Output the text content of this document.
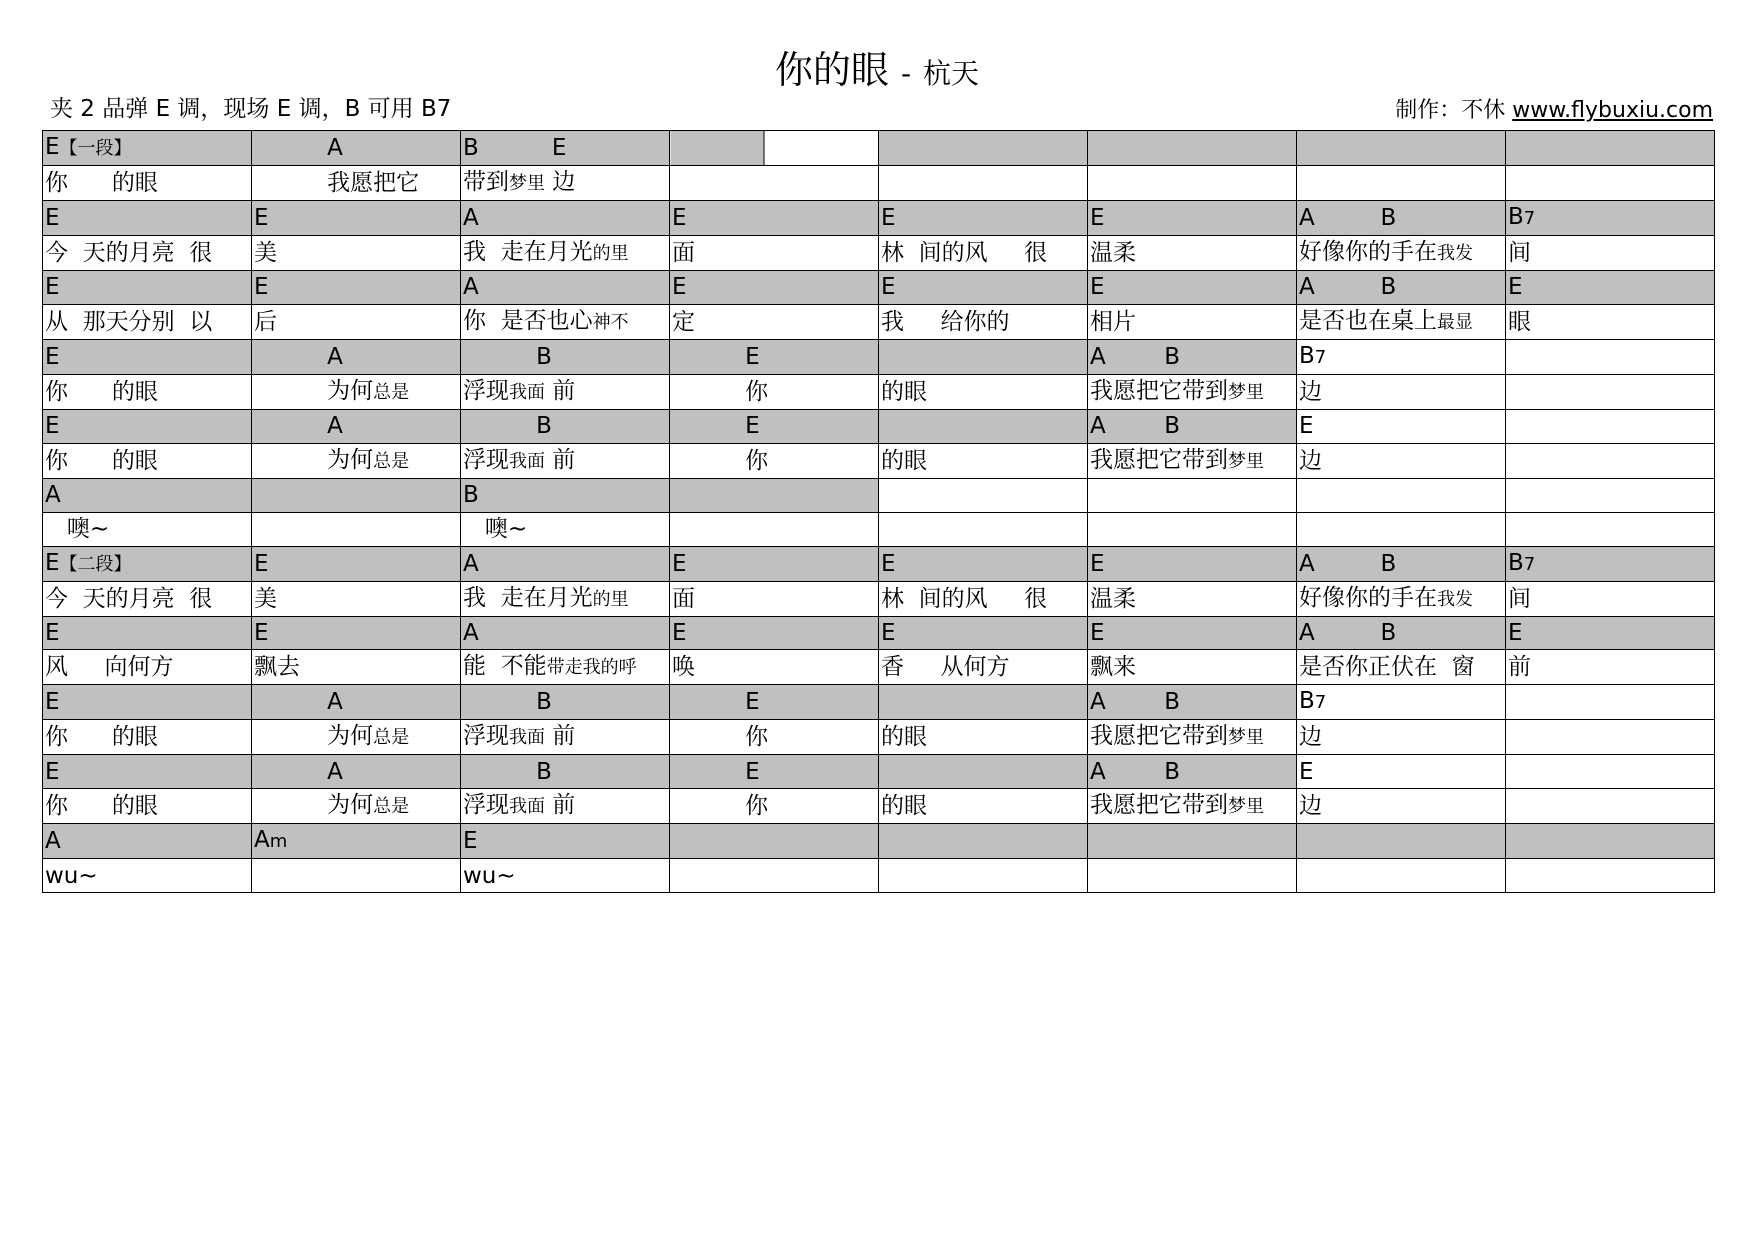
你的眼 - 杭天
夹 2 品弹 E 调，现场 E 调，B 可用 B7	制作：不休 www.flybuxiu.com
E【一段】	A	B          E					
你      的眼	我愿把它	带到梦里 边					
E	E	A	E	E	E	A         B	B7
今  天的月亮  很	美	我  走在月光的里	面	林  间的风     很	温柔	好像你的手在我发	间
E	E	A	E	E	E	A         B	E
从  那天分别  以	后	你  是否也心神不	定	我     给你的	相片	是否也在桌上最显	眼
E	A	B	E		A        B	B7	
你      的眼	为何总是	浮现我面 前	你	的眼	我愿把它带到梦里	边	
E	A	B	E		A        B	E	
你      的眼	为何总是	浮现我面 前	你	的眼	我愿把它带到梦里	边	
A		B					
噢~		噢~					
E【二段】	E	A	E	E	E	A         B	B7
今  天的月亮  很	美	我  走在月光的里	面	林  间的风     很	温柔	好像你的手在我发	间
E	E	A	E	E	E	A         B	E
风     向何方	飘去	能  不能带走我的呼	唤	香     从何方	飘来	是否你正伏在  窗	前
E	A	B	E		A        B	B7	
你      的眼	为何总是	浮现我面 前	你	的眼	我愿把它带到梦里	边	
E	A	B	E		A        B	E	
你      的眼	为何总是	浮现我面 前	你	的眼	我愿把它带到梦里	边	
A	Am	E					
wu~		wu~					
